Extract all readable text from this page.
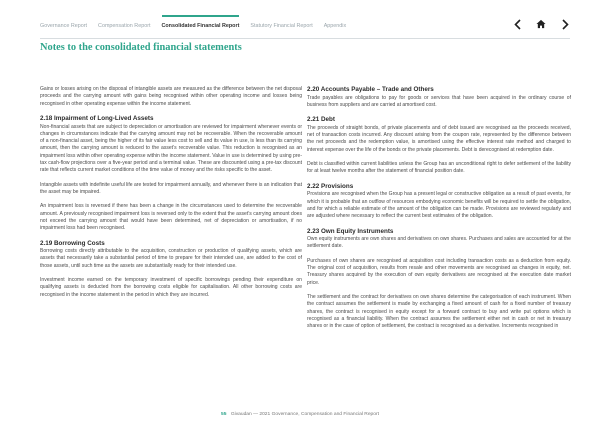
Governance Report Compensation Report Consolidated Financial Report Statutory Financial Report Appendix
Notes to the consolidated financial statements

Gains or losses arising on the disposal of intangible assets are measured as the difference between the net disposal proceeds and the carrying amount with gains being recognised within other operating income and losses being recognised in other operating expense within the income statement.

2.18 Impairment of Long-Lived Assets

Non-financial assets that are subject to depreciation or amortisation are reviewed for impairment whenever events or changes in circumstances indicate that the carrying amount may not be recoverable. When the recoverable amount of a non-financial asset, being the higher of its fair value less cost to sell and its value in use, is less than its carrying amount, then the carrying amount is reduced to the asset’s recoverable value. This reduction is recognised as an impairment loss within other operating expense within the income statement. Value in use is determined by using pre-tax cash-flow projections over a five-year period and a terminal value. These are discounted using a pre-tax discount rate that reflects current market conditions of the time value of money and the risks specific to the asset.

Intangible assets with indefinite useful life are tested for impairment annually, and whenever there is an indication that the asset may be impaired.

An impairment loss is reversed if there has been a change in the circumstances used to determine the recoverable amount. A previously recognised impairment loss is reversed only to the extent that the asset’s carrying amount does not exceed the carrying amount that would have been determined, net of depreciation or amortisation, if no impairment loss had been recognised.

2.19 Borrowing Costs

Borrowing costs directly attributable to the acquisition, construction or production of qualifying assets, which are assets that necessarily take a substantial period of time to prepare for their intended use, are added to the cost of those assets, until such time as the assets are substantially ready for their intended use.

Investment income earned on the temporary investment of specific borrowings pending their expenditure on qualifying assets is deducted from the borrowing costs eligible for capitalisation. All other borrowing costs are recognised in the income statement in the period in which they are incurred.

2.20 Accounts Payable – Trade and Others

Trade payables are obligations to pay for goods or services that have been acquired in the ordinary course of business from suppliers and are carried at amortised cost.

2.21 Debt

The proceeds of straight bonds, of private placements and of debt issued are recognised as the proceeds received, net of transaction costs incurred. Any discount arising from the coupon rate, represented by the difference between the net proceeds and the redemption value, is amortised using the effective interest rate method and charged to interest expense over the life of the bonds or the private placements. Debt is derecognised at redemption date.

Debt is classified within current liabilities unless the Group has an unconditional right to defer settlement of the liability for at least twelve months after the statement of financial position date.

2.22 Provisions

Provisions are recognised when the Group has a present legal or constructive obligation as a result of past events, for which it is probable that an outflow of resources embodying economic benefits will be required to settle the obligation, and for which a reliable estimate of the amount of the obligation can be made. Provisions are reviewed regularly and are adjusted where necessary to reflect the current best estimates of the obligation.

2.23 Own Equity Instruments

Own equity instruments are own shares and derivatives on own shares. Purchases and sales are accounted for at the settlement date.

Purchases of own shares are recognised at acquisition cost including transaction costs as a deduction from equity. The original cost of acquisition, results from resale and other movements are recognised as changes in equity, net. Treasury shares acquired by the execution of own equity derivatives are recognised at the execution date market price.

The settlement and the contract for derivatives on own shares determine the categorisation of each instrument. When the contract assumes the settlement is made by exchanging a fixed amount of cash for a fixed number of treasury shares, the contract is recognised in equity except for a forward contract to buy and write put options which is recognised as a financial liability. When the contract assumes the settlement either net in cash or net in treasury shares or in the case of option of settlement, the contract is recognised as a derivative. Increments recognised in

55 Givaudan — 2021 Governance, Compensation and Financial Report
